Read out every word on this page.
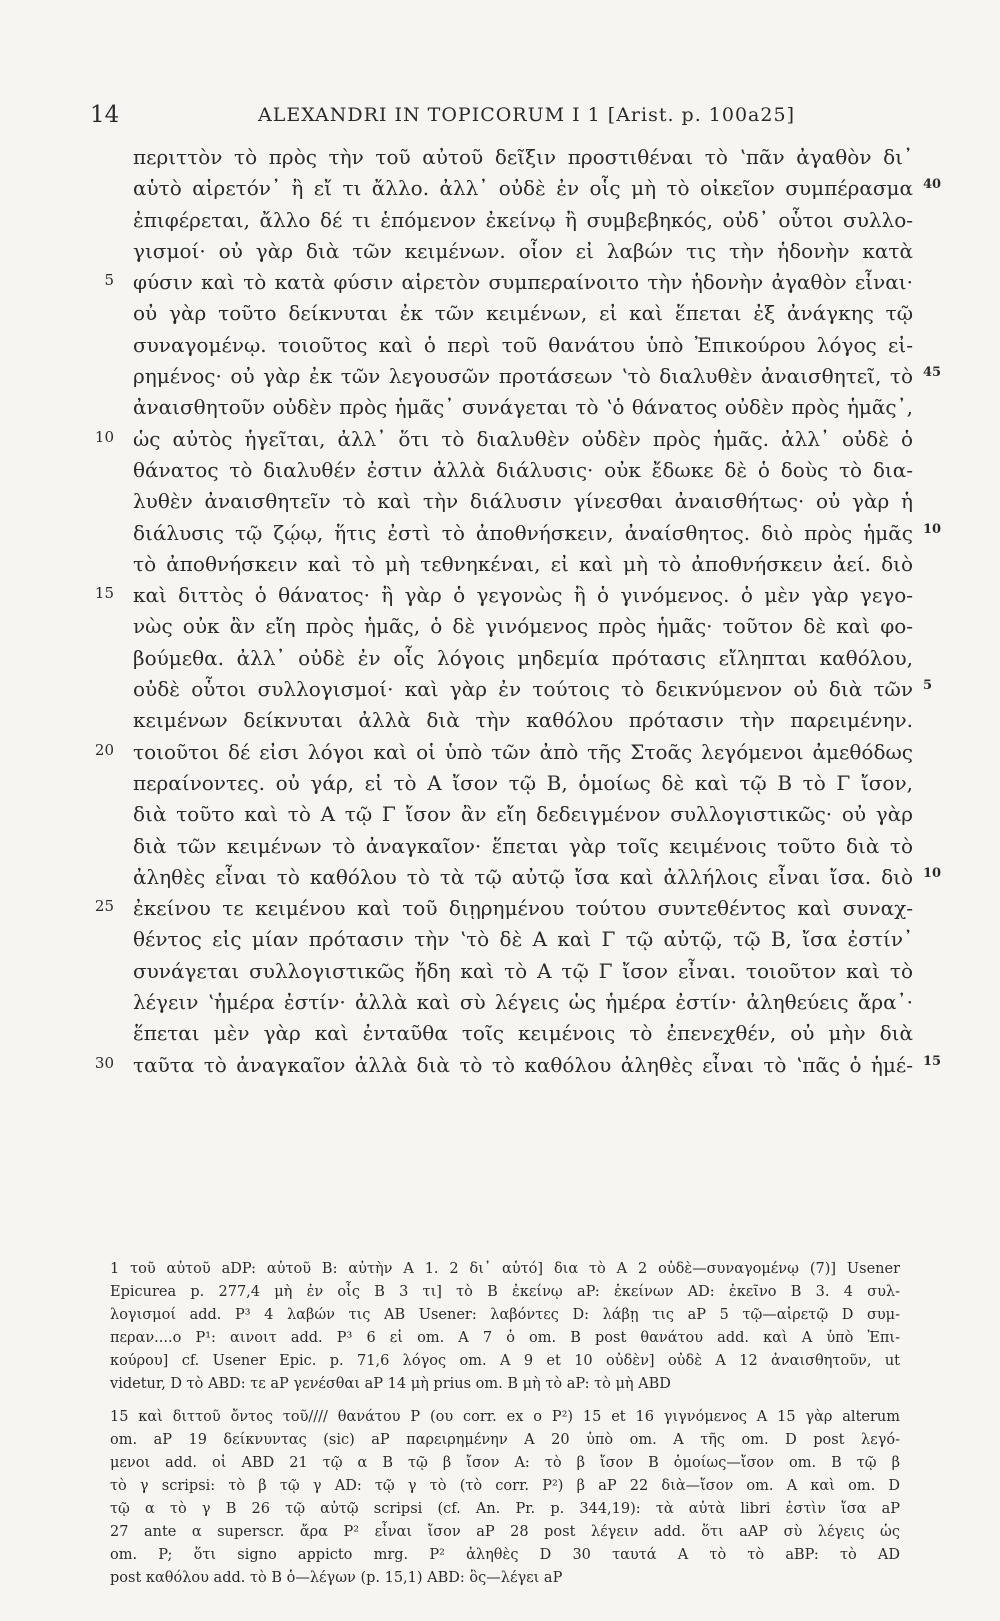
14	ALEXANDRI IN TOPICORUM I 1 [Arist. p. 100a25]
περιττὸν τὸ πρὸς τὴν τοῦ αὐτοῦ δεῖξιν προστιθέναι τὸ ʽπᾶν ἀγαθὸν δι᾽
αὑτὸ αἱρετόν᾽ ἢ εἴ τι ἄλλο. ἀλλ᾽ οὐδὲ ἐν οἷς μὴ τὸ οἰκεῖον συμπέρασμα 40
ἐπιφέρεται, ἄλλο δέ τι ἑπόμενον ἐκείνῳ ἢ συμβεβηκός, οὐδ᾽ οὗτοι συλλο-
γισμοί· οὐ γὰρ διὰ τῶν κειμένων. οἷον εἰ λαβών τις τὴν ἡδονὴν κατὰ
5 φύσιν καὶ τὸ κατὰ φύσιν αἱρετὸν συμπεραίνοιτο τὴν ἡδονὴν ἀγαθὸν εἶναι·
οὐ γὰρ τοῦτο δείκνυται ἐκ τῶν κειμένων, εἰ καὶ ἕπεται ἐξ ἀνάγκης τῷ
συναγομένῳ. τοιοῦτος καὶ ὁ περὶ τοῦ θανάτου ὑπὸ Ἐπικούρου λόγος εἰ-
ρημένος· οὐ γὰρ ἐκ τῶν λεγουσῶν προτάσεων ʽτὸ διαλυθὲν ἀναισθητεῖ, τὸ 45
ἀναισθητοῦν οὐδὲν πρὸς ἡμᾶς᾽ συνάγεται τὸ ʽὁ θάνατος οὐδὲν πρὸς ἡμᾶς᾽,
10 ὡς αὐτὸς ἡγεῖται, ἀλλ᾽ ὅτι τὸ διαλυθὲν οὐδὲν πρὸς ἡμᾶς. ἀλλ᾽ οὐδὲ ὁ
θάνατος τὸ διαλυθέν ἐστιν ἀλλὰ διάλυσις· οὐκ ἔδωκε δὲ ὁ δοὺς τὸ δια-
λυθὲν ἀναισθητεῖν τὸ καὶ τὴν διάλυσιν γίνεσθαι ἀναισθήτως· οὐ γὰρ ἡ
διάλυσις τῷ ζῴῳ, ἥτις ἐστὶ τὸ ἀποθνήσκειν, ἀναίσθητος. διὸ πρὸς ἡμᾶς 10
τὸ ἀποθνήσκειν καὶ τὸ μὴ τεθνηκέναι, εἰ καὶ μὴ τὸ ἀποθνήσκειν ἀεί. διὸ
15 καὶ διττὸς ὁ θάνατος· ἢ γὰρ ὁ γεγονὼς ἢ ὁ γινόμενος. ὁ μὲν γὰρ γεγο-
νὼς οὐκ ἂν εἴη πρὸς ἡμᾶς, ὁ δὲ γινόμενος πρὸς ἡμᾶς· τοῦτον δὲ καὶ φο-
βούμεθα. ἀλλ᾽ οὐδὲ ἐν οἷς λόγοις μηδεμία πρότασις εἴληπται καθόλου,
οὐδὲ οὗτοι συλλογισμοί· καὶ γὰρ ἐν τούτοις τὸ δεικνύμενον οὐ διὰ τῶν 5
κειμένων δείκνυται ἀλλὰ διὰ τὴν καθόλου πρότασιν τὴν παρειμένην.
20 τοιοῦτοι δέ εἰσι λόγοι καὶ οἱ ὑπὸ τῶν ἀπὸ τῆς Στοᾶς λεγόμενοι ἀμεθόδως
περαίνοντες. οὐ γάρ, εἰ τὸ Α ἴσον τῷ Β, ὁμοίως δὲ καὶ τῷ Β τὸ Γ ἴσον,
διὰ τοῦτο καὶ τὸ Α τῷ Γ ἴσον ἂν εἴη δεδειγμένον συλλογιστικῶς· οὐ γὰρ
διὰ τῶν κειμένων τὸ ἀναγκαῖον· ἕπεται γὰρ τοῖς κειμένοις τοῦτο διὰ τὸ
ἀληθὲς εἶναι τὸ καθόλου τὸ τὰ τῷ αὐτῷ ἴσα καὶ ἀλλήλοις εἶναι ἴσα. διὸ 10
25 ἐκείνου τε κειμένου καὶ τοῦ διῃρημένου τούτου συντεθέντος καὶ συναχ-
θέντος εἰς μίαν πρότασιν τὴν ʽτὸ δὲ Α καὶ Γ τῷ αὐτῷ, τῷ Β, ἴσα ἐστίν᾽
συνάγεται συλλογιστικῶς ἤδη καὶ τὸ Α τῷ Γ ἴσον εἶναι. τοιοῦτον καὶ τὸ
λέγειν ʽἡμέρα ἐστίν· ἀλλὰ καὶ σὺ λέγεις ὡς ἡμέρα ἐστίν· ἀληθεύεις ἄρα᾽·
ἕπεται μὲν γὰρ καὶ ἐνταῦθα τοῖς κειμένοις τὸ ἐπενεχθέν, οὐ μὴν διὰ
30 ταῦτα τὸ ἀναγκαῖον ἀλλὰ διὰ τὸ τὸ καθόλου ἀληθὲς εἶναι τὸ ʽπᾶς ὁ ἡμέ- 15
1 τοῦ αὐτοῦ aDP: αὐτοῦ B: αὐτὴν A 1. 2 δι᾽ αὑτό] δια τὸ A 2 οὐδὲ—συναγομένῳ (7)] Usener
Epicurea p. 277,4 μὴ ἐν οἷς B 3 τι] τὸ B ἐκείνῳ aP: ἐκείνων AD: ἐκεῖνο B 3. 4 συλ-
λογισμοί add. P³ 4 λαβών τις AB Usener: λαβόντες D: λάβῃ τις aP 5 τῷ—αἱρετῷ D συμ-
περαν....ο P¹: αινοιτ add. P³ 6 εἰ om. A 7 ὁ om. B post θανάτου add. καὶ A ὑπὸ Ἐπι-
κούρου] cf. Usener Epic. p. 71,6 λόγος om. A 9 et 10 οὐδὲν] οὐδὲ A 12 ἀναισθητοῦν, ut
videtur, D τὸ ABD: τε aP γενέσθαι aP 14 μὴ prius om. B μὴ τὸ aP: τὸ μὴ ABD
15 καὶ διττοῦ ὄντος τοῦ//// θανάτου P (ου corr. ex ο P²) 15 et 16 γιγνόμενος A 15 γὰρ alterum
om. aP 19 δείκνυντας (sic) aP παρειρημένην A 20 ὑπὸ om. A τῆς om. D post λεγό-
μενοι add. οἱ ABD 21 τῷ α B τῷ β ἴσον A: τὸ β ἴσον B ὁμοίως—ἴσον om. B τῷ β
τὸ γ scripsi: τὸ β τῷ γ AD: τῷ γ τὸ (τὸ corr. P²) β aP 22 διὰ—ἴσον om. A καὶ om. D
τῷ α τὸ γ B 26 τῷ αὐτῷ scripsi (cf. An. Pr. p. 344,19): τὰ αὐτὰ libri ἐστὶν ἴσα aP
27 ante α superscr. ἄρα P² εἶναι ἴσον aP 28 post λέγειν add. ὅτι aAP σὺ λέγεις ὡς
om. P; ὅτι signo appicto mrg. P² ἀληθὲς D 30 ταυτά A τὸ τὸ aBP: τὸ AD
post καθόλου add. τὸ B ὁ—λέγων (p. 15,1) ABD: ὃς—λέγει aP
